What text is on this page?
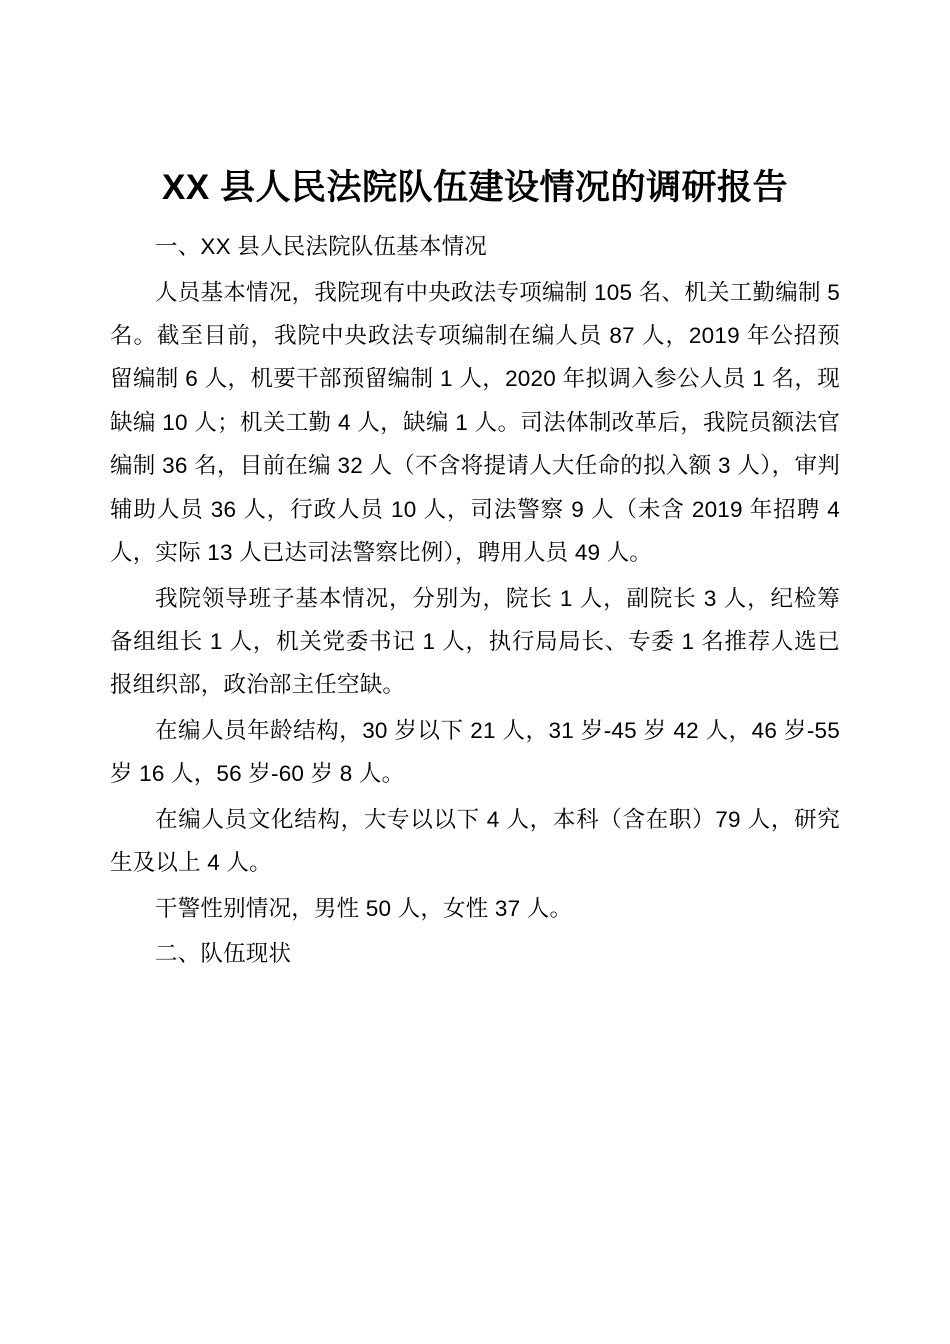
XX 县人民法院队伍建设情况的调研报告

一、XX 县人民法院队伍基本情况

人员基本情况，我院现有中央政法专项编制 105 名、机关工勤编制 5 名。截至目前，我院中央政法专项编制在编人员 87 人，2019 年公招预留编制 6 人，机要干部预留编制 1 人，2020 年拟调入参公人员 1 名，现缺编 10 人；机关工勤 4 人，缺编 1 人。司法体制改革后，我院员额法官编制 36 名，目前在编 32 人（不含将提请人大任命的拟入额 3 人），审判辅助人员 36 人，行政人员 10 人，司法警察 9 人（未含 2019 年招聘 4 人，实际 13 人已达司法警察比例），聘用人员 49 人。

我院领导班子基本情况，分别为，院长 1 人，副院长 3 人，纪检筹备组组长 1 人，机关党委书记 1 人，执行局局长、专委 1 名推荐人选已报组织部，政治部主任空缺。

在编人员年龄结构，30 岁以下 21 人，31 岁-45 岁 42 人，46 岁-55 岁 16 人，56 岁-60 岁 8 人。

在编人员文化结构，大专以以下 4 人，本科（含在职）79 人，研究生及以上 4 人。

干警性别情况，男性 50 人，女性 37 人。

二、队伍现状
